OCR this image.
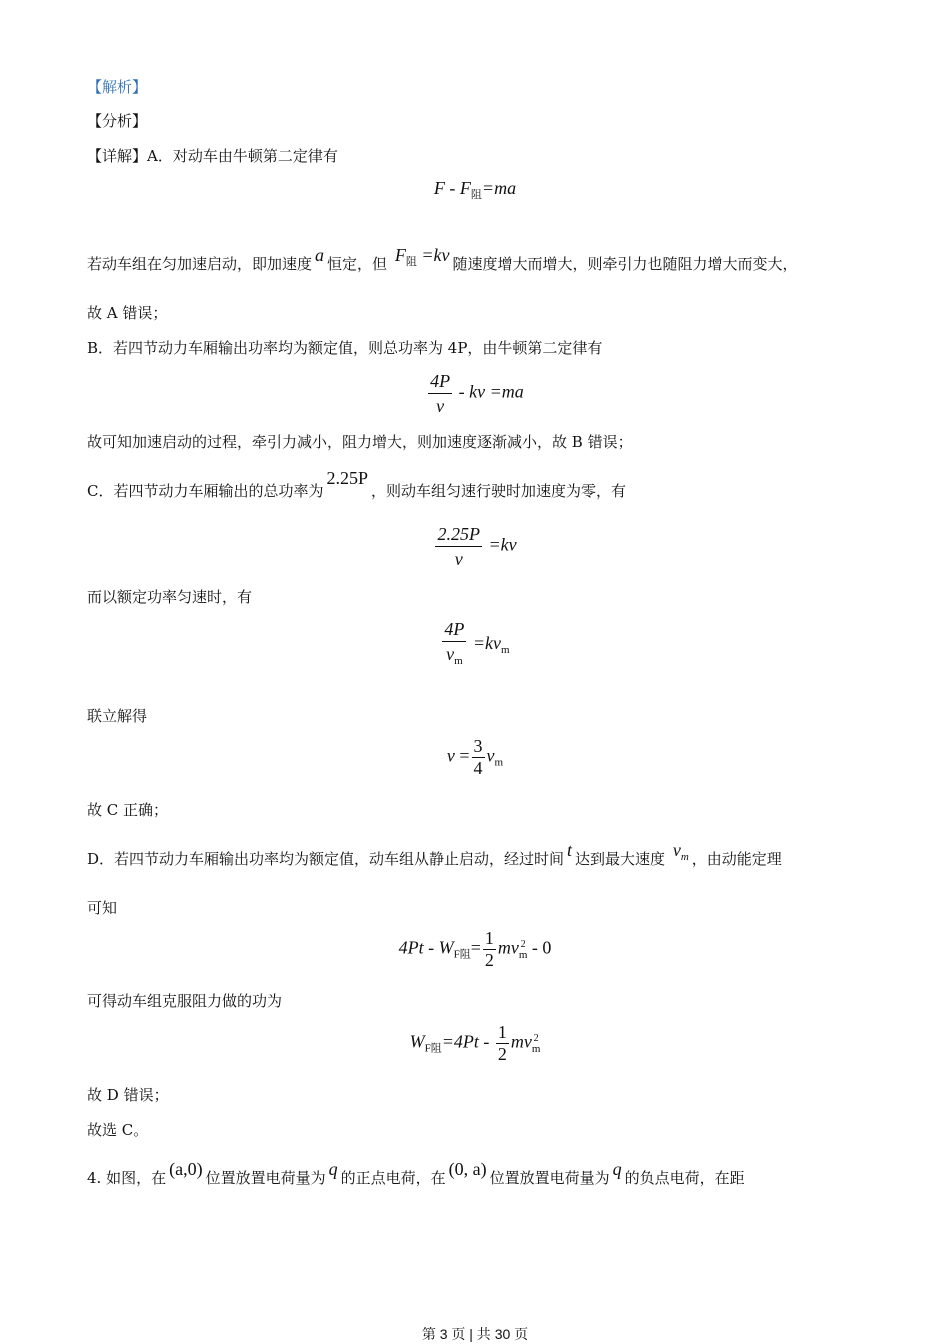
【解析】
【分析】
【详解】A．对动车由牛顿第二定律有
$F - F_阻=ma$
若动车组在匀加速启动，即加速度 a 恒定，但 $F_阻 =kv$ 随速度增大而增大，则牵引力也随阻力增大而变大，
故 A 错误；
B．若四节动力车厢输出功率均为额定值，则总功率为 4P，由牛顿第二定律有
$\frac{4P}{v}$ - kv =ma
故可知加速启动的过程，牵引力减小，阻力增大，则加速度逐渐减小，故 B 错误；
C．若四节动力车厢输出的总功率为2.25P，则动车组匀速行驶时加速度为零，有
$\frac{2.25P}{v} =kv$
而以额定功率匀速时，有
$\frac{4P}{v_m} =kv_m$
联立解得
$v = \frac{3}{4} v_m$
故 C 正确；
D．若四节动力车厢输出功率均为额定值，动车组从静止启动，经过时间 t 达到最大速度 $v_m$ ，由动能定理
可知
$4Pt - W_{F阻}= \frac{1}{2}$ mv 2
m - 0
可得动车组克服阻力做的功为
$W_{F阻}=4Pt - \frac{1}{2}$ mv 2
m
故 D 错误；
故选 C。
4. 如图，在 (a,0) 位置放置电荷量为 q 的正点电荷，在 (0, a) 位置放置电荷量为 q 的负点电荷，在距
第 3 页 | 共 30 页
